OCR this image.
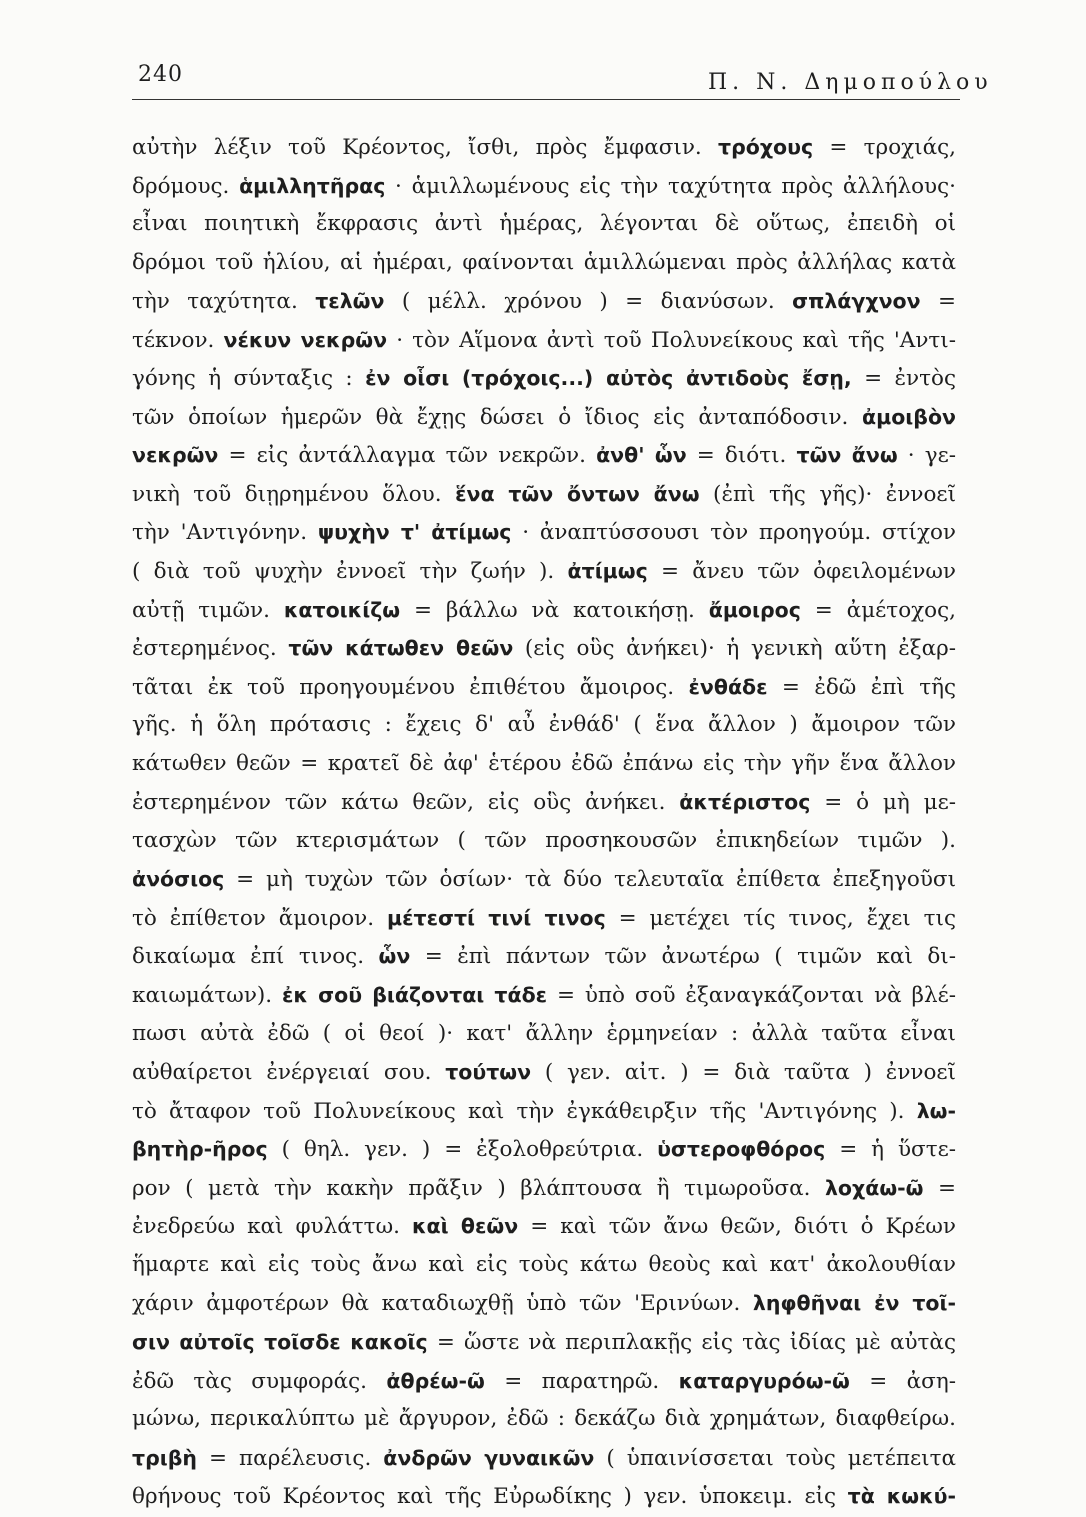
240	Π. Ν. Δημοπούλου
αὐτὴν λέξιν τοῦ Κρέοντος, ἴσθι, πρὸς ἔμφασιν. τρόχους = τροχιάς,
δρόμους. ἁμιλλητῆρας · ἁμιλλωμένους εἰς τὴν ταχύτητα πρὸς ἀλλήλους·
εἶναι ποιητικὴ ἔκφρασις ἀντὶ ἡμέρας, λέγονται δὲ οὕτως, ἐπειδὴ οἱ
δρόμοι τοῦ ἡλίου, αἱ ἡμέραι, φαίνονται ἁμιλλώμεναι πρὸς ἀλλήλας κατὰ
τὴν ταχύτητα. τελῶν ( μέλλ. χρόνου ) = διανύσων. σπλάγχνον =
τέκνον. νέκυν νεκρῶν · τὸν Αἵμονα ἀντὶ τοῦ Πολυνείκους καὶ τῆς 'Αντι-
γόνης ἡ σύνταξις : ἐν οἷσι (τρόχοις...) αὐτὸς ἀντιδοὺς ἔσῃ, = ἐντὸς
τῶν ὁποίων ἡμερῶν θὰ ἔχῃς δώσει ὁ ἴδιος εἰς ἀνταπόδοσιν. ἀμοιβὸν
νεκρῶν = εἰς ἀντάλλαγμα τῶν νεκρῶν. ἀνθ' ὧν = διότι. τῶν ἄνω · γε-
νικὴ τοῦ διῃρημένου ὅλου. ἕνα τῶν ὄντων ἄνω (ἐπὶ τῆς γῆς)· ἐννοεῖ
τὴν 'Αντιγόνην. ψυχὴν τ' ἀτίμως · ἀναπτύσσουσι τὸν προηγούμ. στίχον
( διὰ τοῦ ψυχὴν ἐννοεῖ τὴν ζωήν ). ἀτίμως = ἄνευ τῶν ὀφειλομένων
αὐτῇ τιμῶν. κατοικίζω = βάλλω νὰ κατοικήσῃ. ἄμοιρος = ἀμέτοχος,
ἐστερημένος. τῶν κάτωθεν θεῶν (εἰς οὓς ἀνήκει)· ἡ γενικὴ αὕτη ἐξαρ-
τᾶται ἐκ τοῦ προηγουμένου ἐπιθέτου ἄμοιρος. ἐνθάδε = ἐδῶ ἐπὶ τῆς
γῆς. ἡ ὅλη πρότασις : ἔχεις δ' αὖ ἐνθάδ' ( ἕνα ἄλλον ) ἄμοιρον τῶν
κάτωθεν θεῶν = κρατεῖ δὲ ἀφ' ἑτέρου ἐδῶ ἐπάνω εἰς τὴν γῆν ἕνα ἄλλον
ἐστερημένον τῶν κάτω θεῶν, εἰς οὓς ἀνήκει. ἀκτέριστος = ὁ μὴ με-
τασχὼν τῶν κτερισμάτων ( τῶν προσηκουσῶν ἐπικηδείων τιμῶν ).
ἀνόσιος = μὴ τυχὼν τῶν ὁσίων· τὰ δύο τελευταῖα ἐπίθετα ἐπεξηγοῦσι
τὸ ἐπίθετον ἄμοιρον. μέτεστί τινί τινος = μετέχει τίς τινος, ἔχει τις
δικαίωμα ἐπί τινος. ὧν = ἐπὶ πάντων τῶν ἀνωτέρω ( τιμῶν καὶ δι-
καιωμάτων). ἐκ σοῦ βιάζονται τάδε = ὑπὸ σοῦ ἐξαναγκάζονται νὰ βλέ-
πωσι αὐτὰ ἐδῶ ( οἱ θεοί )· κατ' ἄλλην ἑρμηνείαν : ἀλλὰ ταῦτα εἶναι
αὐθαίρετοι ἐνέργειαί σου. τούτων ( γεν. αἰτ. ) = διὰ ταῦτα ) ἐννοεῖ
τὸ ἄταφον τοῦ Πολυνείκους καὶ τὴν ἐγκάθειρξιν τῆς 'Αντιγόνης ). λω-
βητὴρ-ῆρος ( θηλ. γεν. ) = ἐξολοθρεύτρια. ὑστεροφθόρος = ἡ ὕστε-
ρον ( μετὰ τὴν κακὴν πρᾶξιν ) βλάπτουσα ἢ τιμωροῦσα. λοχάω-ῶ =
ἐνεδρεύω καὶ φυλάττω. καὶ θεῶν = καὶ τῶν ἄνω θεῶν, διότι ὁ Κρέων
ἥμαρτε καὶ εἰς τοὺς ἄνω καὶ εἰς τοὺς κάτω θεοὺς καὶ κατ' ἀκολουθίαν
χάριν ἀμφοτέρων θὰ καταδιωχθῇ ὑπὸ τῶν 'Ερινύων. ληφθῆναι ἐν τοῖ-
σιν αὐτοῖς τοῖσδε κακοῖς = ὥστε νὰ περιπλακῇς εἰς τὰς ἰδίας μὲ αὐτὰς
ἐδῶ τὰς συμφοράς. ἀθρέω-ῶ = παρατηρῶ. καταργυρόω-ῶ = ἀση-
μώνω, περικαλύπτω μὲ ἄργυρον, ἐδῶ : δεκάζω διὰ χρημάτων, διαφθείρω.
τριβὴ = παρέλευσις. ἀνδρῶν γυναικῶν ( ὑπαινίσσεται τοὺς μετέπειτα
θρήνους τοῦ Κρέοντος καὶ τῆς Εὐρωδίκης ) γεν. ὑποκειμ. εἰς τὰ κωκύ-
